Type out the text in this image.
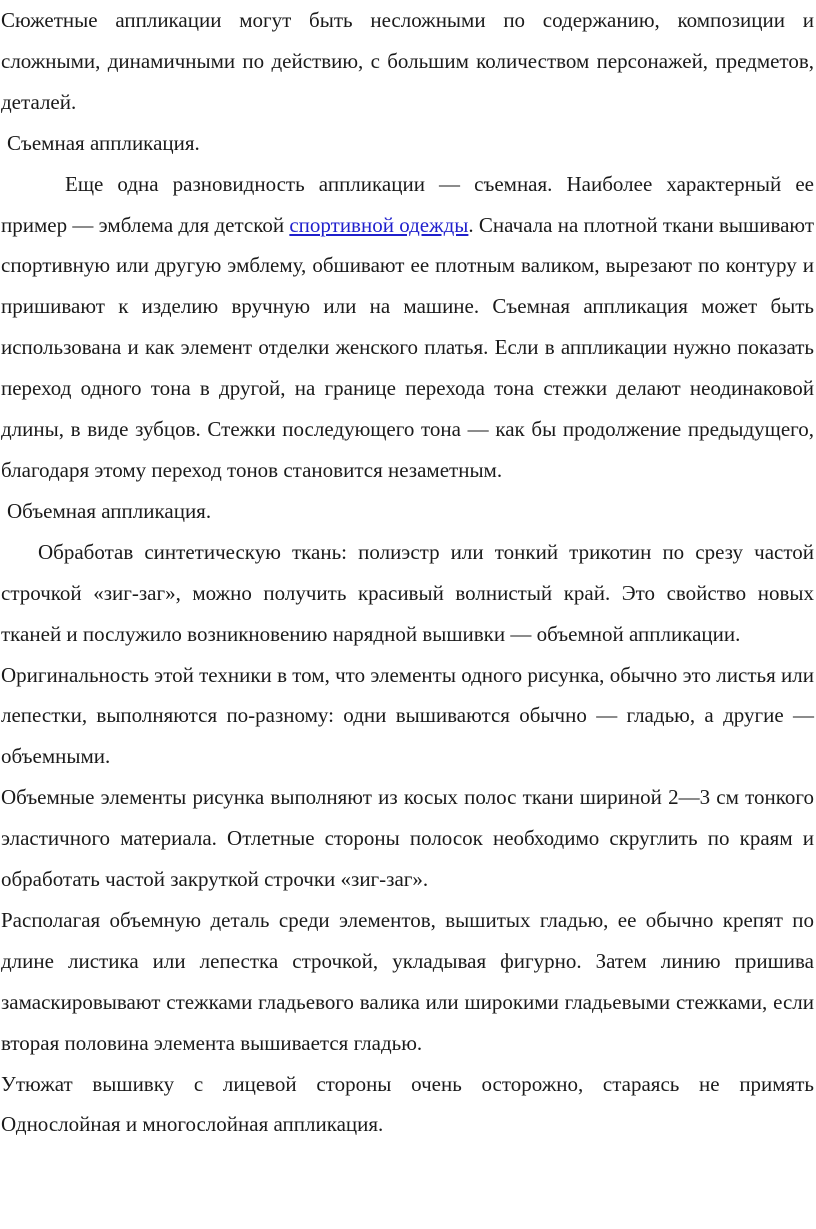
Сюжетные аппликации могут быть несложными по содержанию, композиции и сложными, динамичными по действию, с большим количеством персонажей, предметов, деталей.

Съемная аппликация.

Еще одна разновидность аппликации — съемная. Наиболее характерный ее пример — эмблема для детской спортивной одежды. Сначала на плотной ткани вышивают спортивную или другую эмблему, обшивают ее плотным валиком, вырезают по контуру и пришивают к изделию вручную или на машине. Съемная аппликация может быть использована и как элемент отделки женского платья. Если в аппликации нужно показать переход одного тона в другой, на границе перехода тона стежки делают неодинаковой длины, в виде зубцов. Стежки последующего тона — как бы продолжение предыдущего, благодаря этому переход тонов становится незаметным.

Объемная аппликация.

Обработав синтетическую ткань: полиэстр или тонкий трикотин по срезу частой строчкой «зиг-заг», можно получить красивый волнистый край. Это свойство новых тканей и послужило возникновению нарядной вышивки — объемной аппликации.

Оригинальность этой техники в том, что элементы одного рисунка, обычно это листья или лепестки, выполняются по-разному: одни вышиваются обычно — гладью, а другие — объемными.

Объемные элементы рисунка выполняют из косых полос ткани шириной 2—3 см тонкого эластичного материала. Отлетные стороны полосок необходимо скруглить по краям и обработать частой закруткой строчки «зиг-заг».

Располагая объемную деталь среди элементов, вышитых гладью, ее обычно крепят по длине листика или лепестка строчкой, укладывая фигурно. Затем линию пришива замаскировывают стежками гладьевого валика или широкими гладьевыми стежками, если вторая половина элемента вышивается гладью.

Утюжат вышивку с лицевой стороны очень осторожно, стараясь не примять

Однослойная и многослойная аппликация.
